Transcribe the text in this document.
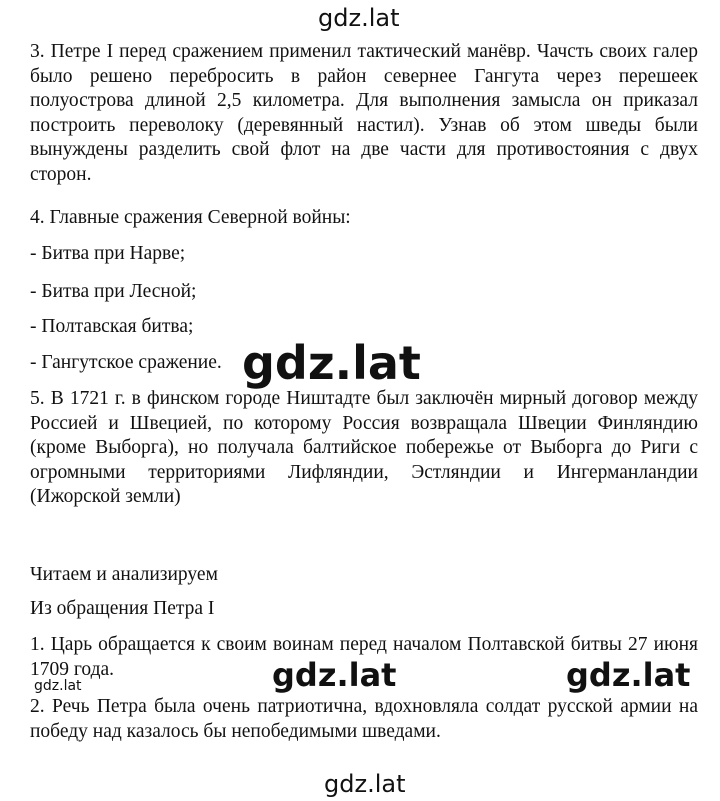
gdz.lat

3. Петре I перед сражением применил тактический манёвр. Чачсть своих галер было решено перебросить в район севернее Гангута через перешеек полуострова длиной 2,5 километра. Для выполнения замысла он приказал построить переволоку (деревянный настил). Узнав об этом шведы были вынуждены разделить свой флот на две части для противостояния с двух сторон.

4. Главные сражения Северной войны:

- Битва при Нарве;

- Битва при Лесной;

- Полтавская битва;

- Гангутское сражение. gdz.lat

5. В 1721 г. в финском городе Ништадте был заключён мирный договор между Россией и Швецией, по которому Россия возвращала Швеции Финляндию (кроме Выборга), но получала балтийское побережье от Выборга до Риги с огромными территориями Лифляндии, Эстляндии и Ингерманландии (Ижорской земли)

Читаем и анализируем

Из обращения Петра I

1. Царь обращается к своим воинам перед началом Полтавской битвы 27 июня 1709 года.	gdz.lat	gdz.lat
gdz.lat

2. Речь Петра была очень патриотична, вдохновляла солдат русской армии на победу над казалось бы непобедимыми шведами.

gdz.lat
